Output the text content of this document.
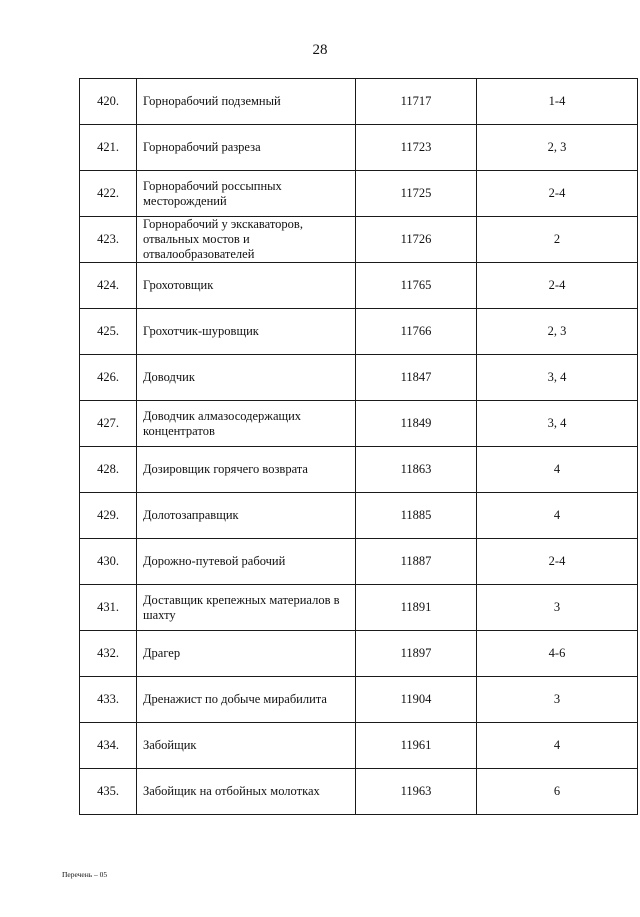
28
420.	Горнорабочий подземный	11717	1-4
421.	Горнорабочий разреза	11723	2, 3
422.	Горнорабочий россыпных месторождений	11725	2-4
423.	Горнорабочий у экскаваторов, отвальных мостов и отвалообразователей	11726	2
424.	Грохотовщик	11765	2-4
425.	Грохотчик-шуровщик	11766	2, 3
426.	Доводчик	11847	3, 4
427.	Доводчик алмазосодержащих концентратов	11849	3, 4
428.	Дозировщик горячего возврата	11863	4
429.	Долотозаправщик	11885	4
430.	Дорожно-путевой рабочий	11887	2-4
431.	Доставщик крепежных материалов в шахту	11891	3
432.	Драгер	11897	4-6
433.	Дренажист по добыче мирабилита	11904	3
434.	Забойщик	11961	4
435.	Забойщик на отбойных молотках	11963	6
Перечень – 05
